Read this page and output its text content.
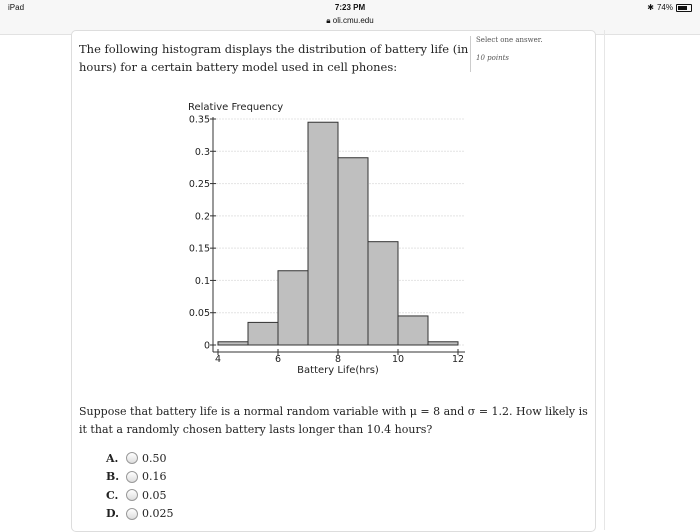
iPad	7:23 PM
🔒︎ oli.cmu.edu
✱ 74%
The following histogram displays the distribution of battery life (in hours) for a certain battery model used in cell phones:
Select one answer.
10 points
Relative Frequency
Battery Life(hrs)
0
0.05
0.1
0.15
0.2
0.25
0.3
0.35
4	6	8	10	12
Suppose that battery life is a normal random variable with μ = 8 and σ = 1.2. How likely is it that a randomly chosen battery lasts longer than 10.4 hours?
A.	0.50
B.	0.16
C.	0.05
D.	0.025
